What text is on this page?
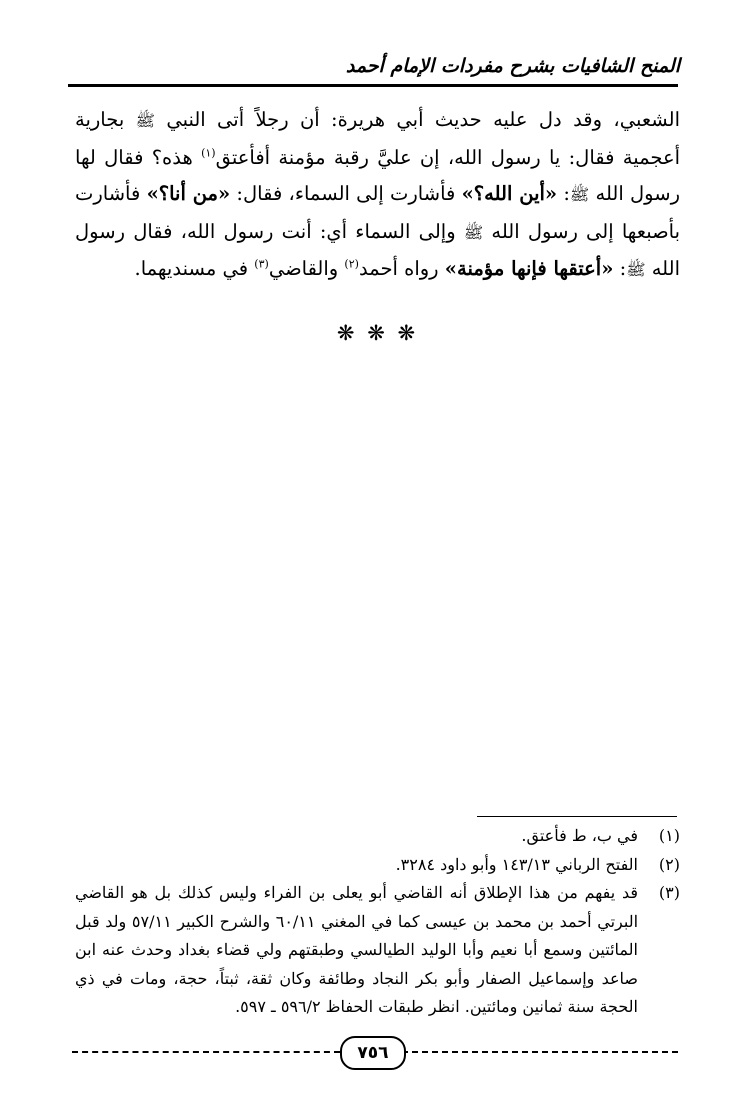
المنح الشافيات بشرح مفردات الإمام أحمد

الشعبي، وقد دل عليه حديث أبي هريرة: أن رجلاً أتى النبي ﷺ بجارية أعجمية فقال: يا رسول الله، إن عليَّ رقبة مؤمنة أفأعتق$^{(١)}$ هذه؟ فقال لها رسول الله ﷺ: «أين الله؟» فأشارت إلى السماء، فقال: «من أنا؟» فأشارت بأصبعها إلى رسول الله ﷺ وإلى السماء أي: أنت رسول الله، فقال رسول الله ﷺ: «أعتقها فإنها مؤمنة» رواه أحمد$^{(٢)}$ والقاضي$^{(٣)}$ في مسنديهما.

❋ ❋ ❋
(١)
في ب، ط فأعتق.
(٢)
الفتح الرباني ١٤٣/١٣ وأبو داود ٣٢٨٤.
(٣)
قد يفهم من هذا الإطلاق أنه القاضي أبو يعلى بن الفراء وليس كذلك بل هو القاضي البرتي أحمد بن محمد بن عيسى كما في المغني ٦٠/١١ والشرح الكبير ٥٧/١١ ولد قبل المائتين وسمع أبا نعيم وأبا الوليد الطيالسي وطبقتهم ولي قضاء بغداد وحدث عنه ابن صاعد وإسماعيل الصفار وأبو بكر النجاد وطائفة وكان ثقة، ثبتاً، حجة، ومات في ذي الحجة سنة ثمانين ومائتين. انظر طبقات الحفاظ ٥٩٦/٢ ـ ٥٩٧.
٧٥٦
